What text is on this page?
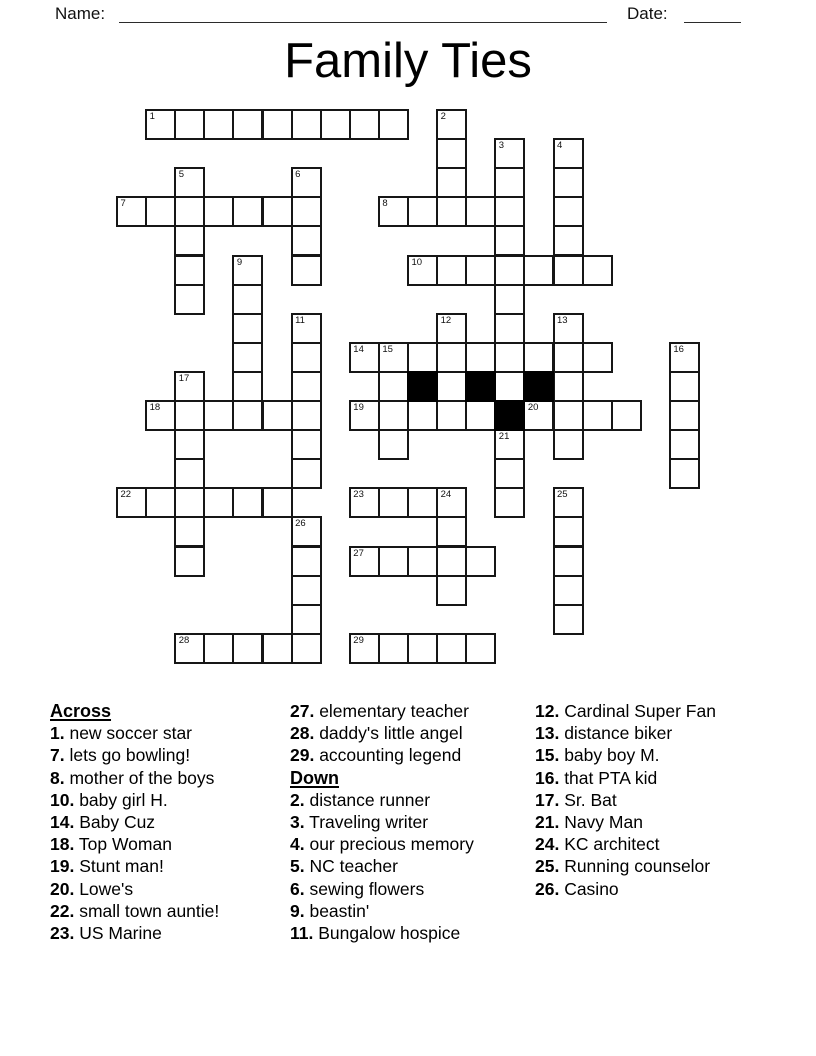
Name:	Date:
Family Ties
1
7	8
10
14 15
18	19	20
22	23	24
27
28	29
2
3	4
5	6
9
11	12	13
16
17
21
25
26
Across
1. new soccer star
7. lets go bowling!
8. mother of the boys
10. baby girl H.
14. Baby Cuz
18. Top Woman
19. Stunt man!
20. Lowe's
22. small town auntie!
23. US Marine
27. elementary teacher
28. daddy's little angel
29. accounting legend
Down
2. distance runner
3. Traveling writer
4. our precious memory
5. NC teacher
6. sewing flowers
9. beastin'
11. Bungalow hospice
12. Cardinal Super Fan
13. distance biker
15. baby boy M.
16. that PTA kid
17. Sr. Bat
21. Navy Man
24. KC architect
25. Running counselor
26. Casino
